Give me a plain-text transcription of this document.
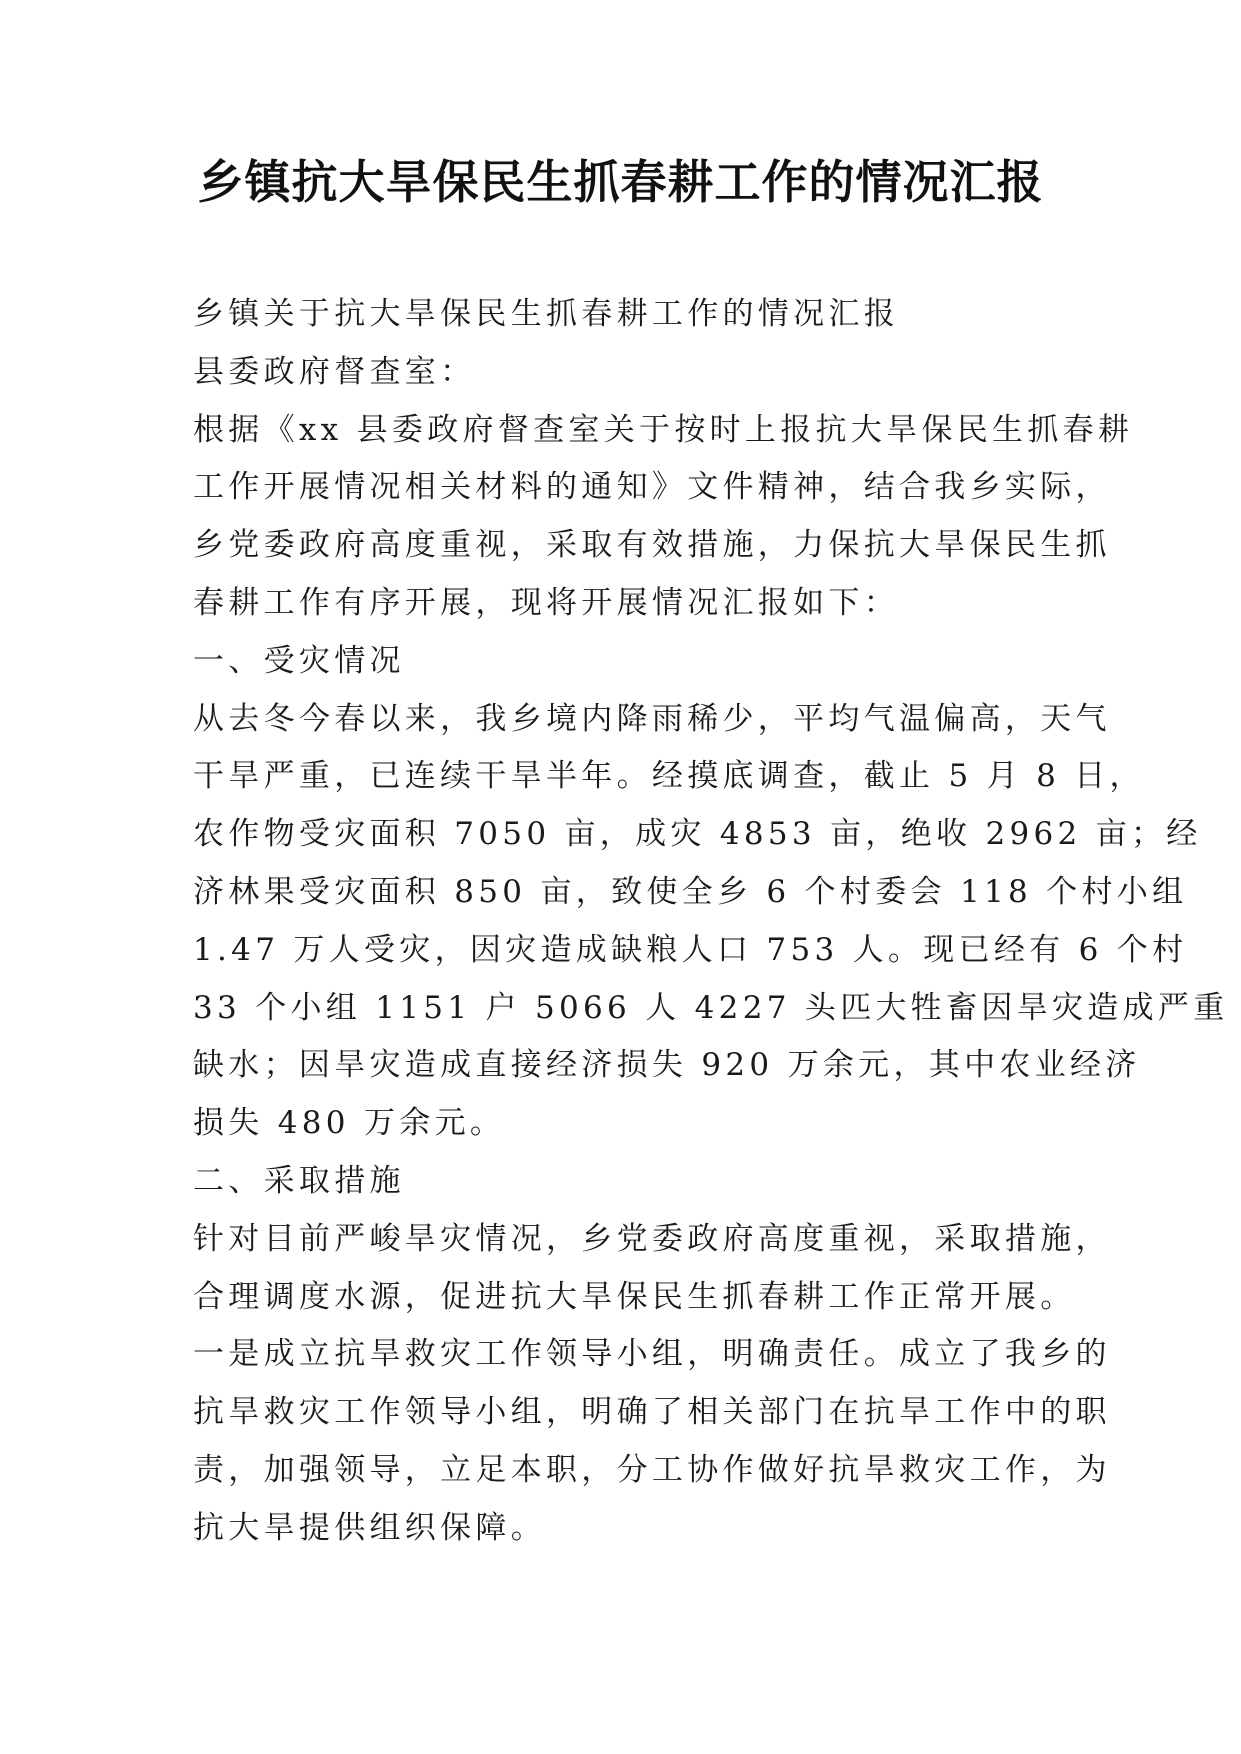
乡镇抗大旱保民生抓春耕工作的情况汇报
乡镇关于抗大旱保民生抓春耕工作的情况汇报
县委政府督查室：
根据《xx 县委政府督查室关于按时上报抗大旱保民生抓春耕
工作开展情况相关材料的通知》文件精神，结合我乡实际，
乡党委政府高度重视，采取有效措施，力保抗大旱保民生抓
春耕工作有序开展，现将开展情况汇报如下：
一、受灾情况
从去冬今春以来，我乡境内降雨稀少，平均气温偏高，天气
干旱严重，已连续干旱半年。经摸底调查，截止 5 月 8 日，
农作物受灾面积 7050 亩，成灾 4853 亩，绝收 2962 亩；经
济林果受灾面积 850 亩，致使全乡 6 个村委会 118 个村小组
1.47 万人受灾，因灾造成缺粮人口 753 人。现已经有 6 个村
33 个小组 1151 户 5066 人 4227 头匹大牲畜因旱灾造成严重
缺水；因旱灾造成直接经济损失 920 万余元，其中农业经济
损失 480 万余元。
二、采取措施
针对目前严峻旱灾情况，乡党委政府高度重视，采取措施，
合理调度水源，促进抗大旱保民生抓春耕工作正常开展。
一是成立抗旱救灾工作领导小组，明确责任。成立了我乡的
抗旱救灾工作领导小组，明确了相关部门在抗旱工作中的职
责，加强领导，立足本职，分工协作做好抗旱救灾工作，为
抗大旱提供组织保障。
